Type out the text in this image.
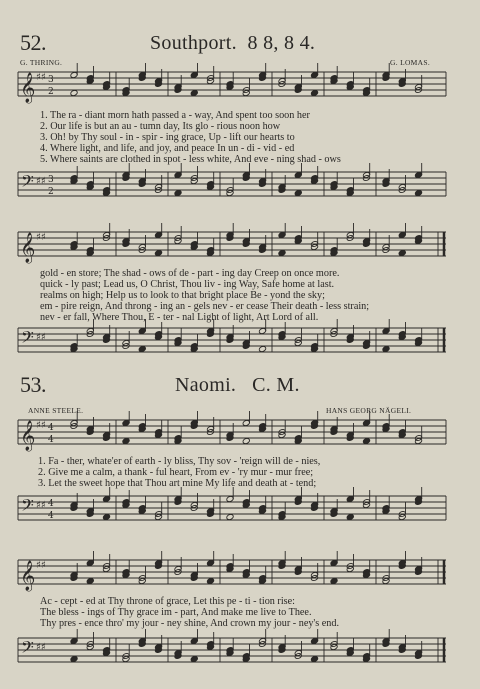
52.	Southport. 8 8, 8 4.
G. THRING.	G. LOMAS.
𝄞 ♯♯ 3
2
1. The ra - diant morn hath passed a - way, And spent too soon her
2. Our life is but an au - tumn day, Its glo - rious noon how
3. Oh! by Thy soul - in - spir - ing grace, Up - lift our hearts to
4. Where light, and life, and joy, and peace In un - di - vid - ed
5. Where saints are clothed in spot - less white, And eve - ning shad - ows
𝄢 ♯♯ 3
2
𝄞 ♯♯
gold - en store; The shad - ows of de - part - ing day Creep on once more.
quick - ly past; Lead us, O Christ, Thou liv - ing Way, Safe home at last.
realms on high; Help us to look to that bright place Be - yond the sky;
em - pire reign, And throng - ing an - gels nev - er cease Their death - less strain;
nev - er fall, Where Thou, E - ter - nal Light of light, Art Lord of all.
𝄢 ♯♯
53.	Naomi. C. M.
ANNE STEELE.	HANS GEORG NÄGELI.
𝄞 ♯♯ 4
4
1. Fa - ther, whate'er of earth - ly bliss, Thy sov - 'reign will de - nies,
2. Give me a calm, a thank - ful heart, From ev - 'ry mur - mur free;
3. Let the sweet hope that Thou art mine My life and death at - tend;
𝄢 ♯♯ 4
4
𝄞 ♯♯
Ac - cept - ed at Thy throne of grace, Let this pe - ti - tion rise:
The bless - ings of Thy grace im - part, And make me live to Thee.
Thy pres - ence thro' my jour - ney shine, And crown my jour - ney's end.
𝄢 ♯♯
